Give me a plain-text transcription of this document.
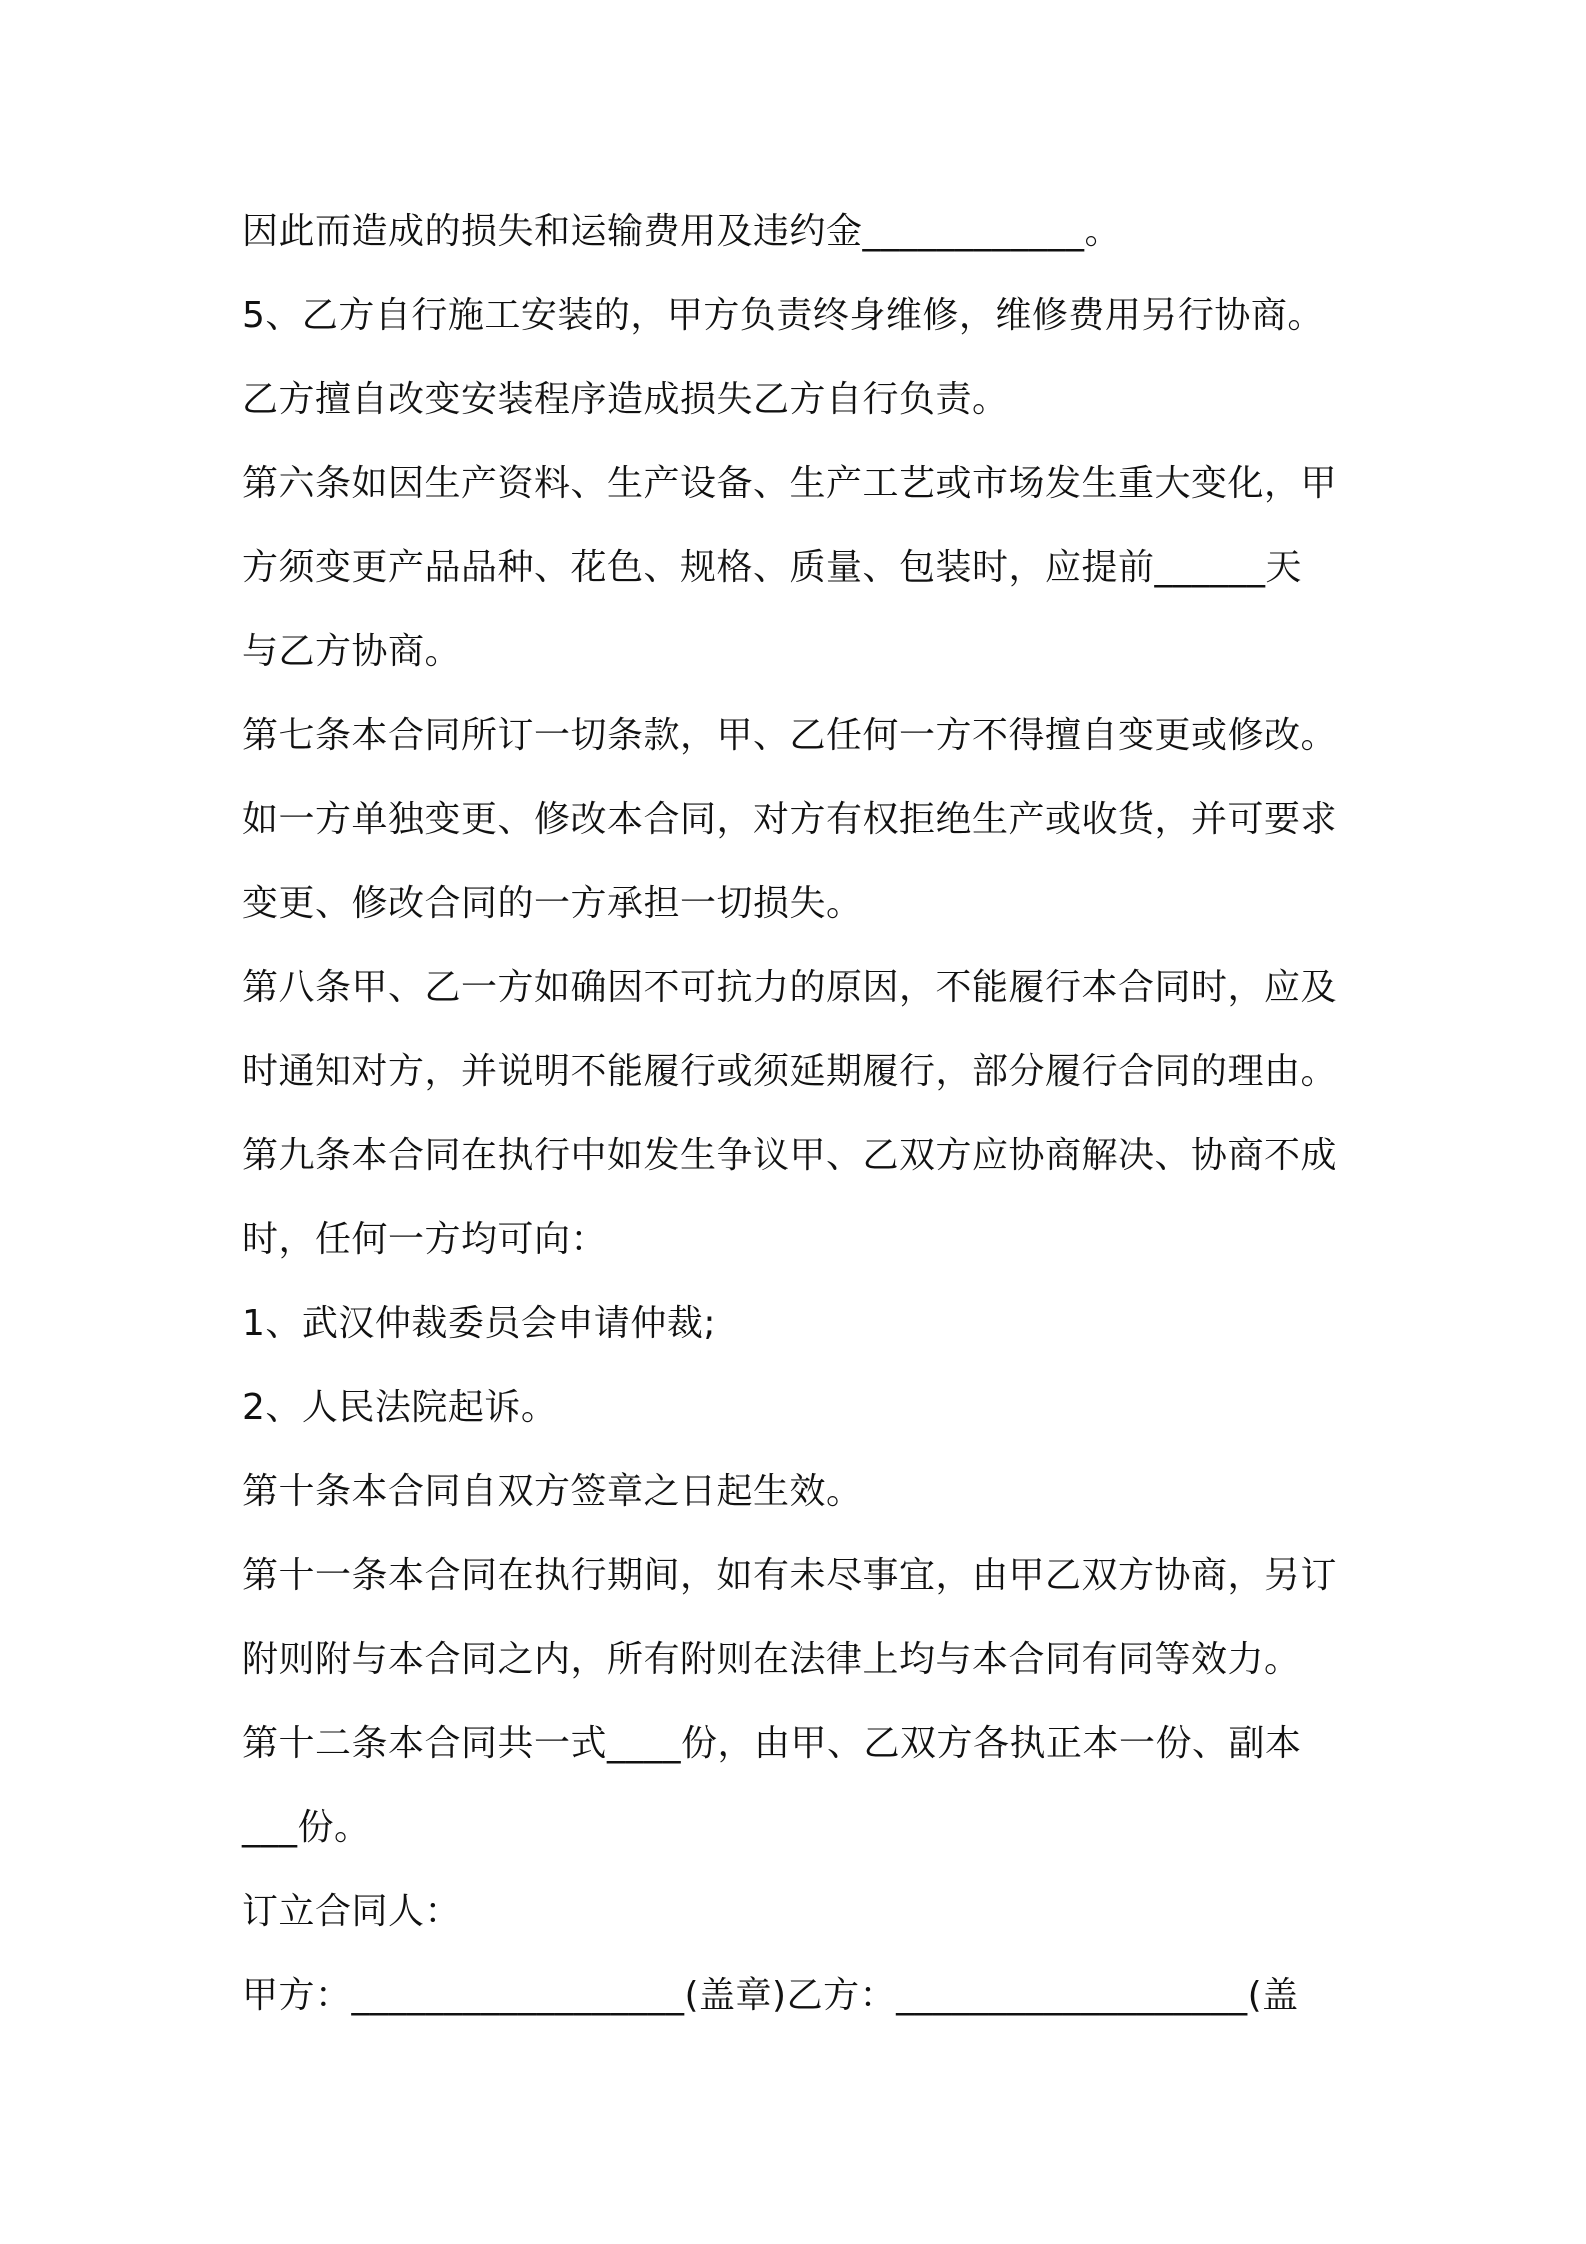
因此而造成的损失和运输费用及违约金____________。
5、乙方自行施工安装的，甲方负责终身维修，维修费用另行协商。
乙方擅自改变安装程序造成损失乙方自行负责。
第六条如因生产资料、生产设备、生产工艺或市场发生重大变化，甲
方须变更产品品种、花色、规格、质量、包装时，应提前______天
与乙方协商。
第七条本合同所订一切条款，甲、乙任何一方不得擅自变更或修改。
如一方单独变更、修改本合同，对方有权拒绝生产或收货，并可要求
变更、修改合同的一方承担一切损失。
第八条甲、乙一方如确因不可抗力的原因，不能履行本合同时，应及
时通知对方，并说明不能履行或须延期履行，部分履行合同的理由。
第九条本合同在执行中如发生争议甲、乙双方应协商解决、协商不成
时，任何一方均可向：
1、武汉仲裁委员会申请仲裁;
2、人民法院起诉。
第十条本合同自双方签章之日起生效。
第十一条本合同在执行期间，如有未尽事宜，由甲乙双方协商，另订
附则附与本合同之内，所有附则在法律上均与本合同有同等效力。
第十二条本合同共一式____份，由甲、乙双方各执正本一份、副本
___份。
订立合同人：
甲方：__________________(盖章)乙方：___________________(盖
